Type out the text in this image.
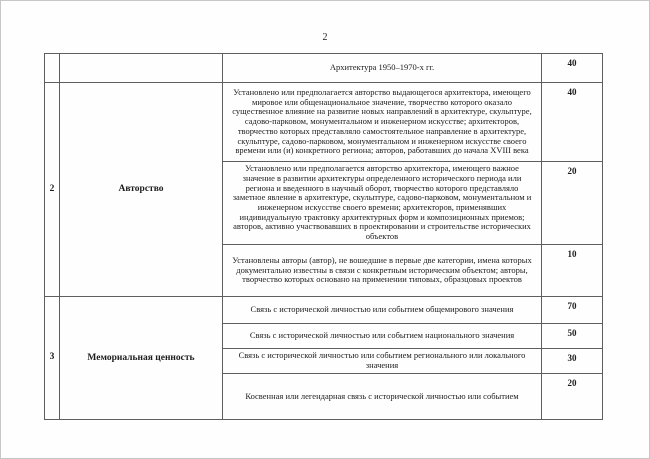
2
		Архитектура 1950–1970-х гг.	40
2	Авторство	Установлено или предполагается авторство выдающегося архитектора, имеющего мировое или общенациональное значение, творчество которого оказало существенное влияние на развитие новых направлений в архитектуре, скульптуре, садово-парковом, монументальном и инженерном искусстве; архитекторов, творчество которых представляло самостоятельное направление в архитектуре, скульптуре, садово-парковом, монументальном и инженерном искусстве своего времени или (и) конкретного региона; авторов, работавших до начала XVIII века	40
		Установлено или предполагается авторство архитектора, имеющего важное значение в развитии архитектуры определенного исторического периода или региона и введенного в научный оборот, творчество которого представляло заметное явление в архитектуре, скульптуре, садово-парковом, монументальном и инженерном искусстве своего времени; архитекторов, применявших индивидуальную трактовку архитектурных форм и композиционных приемов; авторов, активно участвовавших в проектировании и строительстве исторических объектов	20
		Установлены авторы (автор), не вошедшие в первые две категории, имена которых документально известны в связи с конкретным историческим объектом; авторы, творчество которых основано на применении типовых, образцовых проектов	10
3	Мемориальная ценность	Связь с исторической личностью или событием общемирового значения	70
		Связь с исторической личностью или событием национального значения	50
		Связь с исторической личностью или событием регионального или локального значения	30
		Косвенная или легендарная связь с исторической личностью или событием	20
